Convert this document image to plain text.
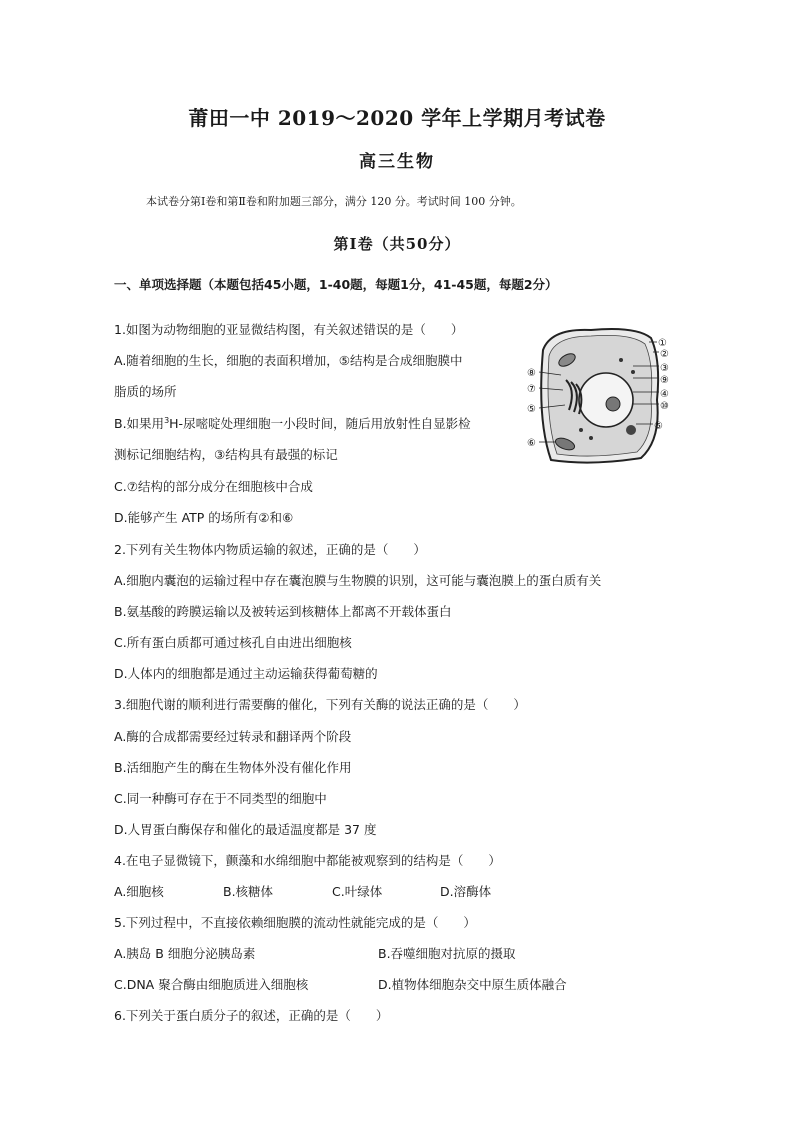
莆田一中 2019～2020 学年上学期月考试卷
高三生物
本试卷分第Ⅰ卷和第Ⅱ卷和附加题三部分，满分 120 分。考试时间 100 分钟。
第Ⅰ卷（共50分）
一、单项选择题（本题包括45小题，1-40题，每题1分，41-45题，每题2分）
1.如图为动物细胞的亚显微结构图，有关叙述错误的是（　　）
A.随着细胞的生长，细胞的表面积增加，⑤结构是合成细胞膜中
脂质的场所
B.如果用$^3$H-尿嘧啶处理细胞一小段时间，随后用放射性自显影检
测标记细胞结构，③结构具有最强的标记
C.⑦结构的部分成分在细胞核中合成
D.能够产生 ATP 的场所有②和⑥
①
②
③
⑨
④
⑩
⑤
⑧
⑦
⑤
⑥
2.下列有关生物体内物质运输的叙述，正确的是（　　）
A.细胞内囊泡的运输过程中存在囊泡膜与生物膜的识别，这可能与囊泡膜上的蛋白质有关
B.氨基酸的跨膜运输以及被转运到核糖体上都离不开载体蛋白
C.所有蛋白质都可通过核孔自由进出细胞核
D.人体内的细胞都是通过主动运输获得葡萄糖的
3.细胞代谢的顺利进行需要酶的催化，下列有关酶的说法正确的是（　　）
A.酶的合成都需要经过转录和翻译两个阶段
B.活细胞产生的酶在生物体外没有催化作用
C.同一种酶可存在于不同类型的细胞中
D.人胃蛋白酶保存和催化的最适温度都是 37 度
4.在电子显微镜下，颤藻和水绵细胞中都能被观察到的结构是（　　）
A.细胞核	B.核糖体	C.叶绿体	D.溶酶体
5.下列过程中，不直接依赖细胞膜的流动性就能完成的是（　　）
A.胰岛 B 细胞分泌胰岛素	B.吞噬细胞对抗原的摄取
C.DNA 聚合酶由细胞质进入细胞核	D.植物体细胞杂交中原生质体融合
6.下列关于蛋白质分子的叙述，正确的是（　　）
